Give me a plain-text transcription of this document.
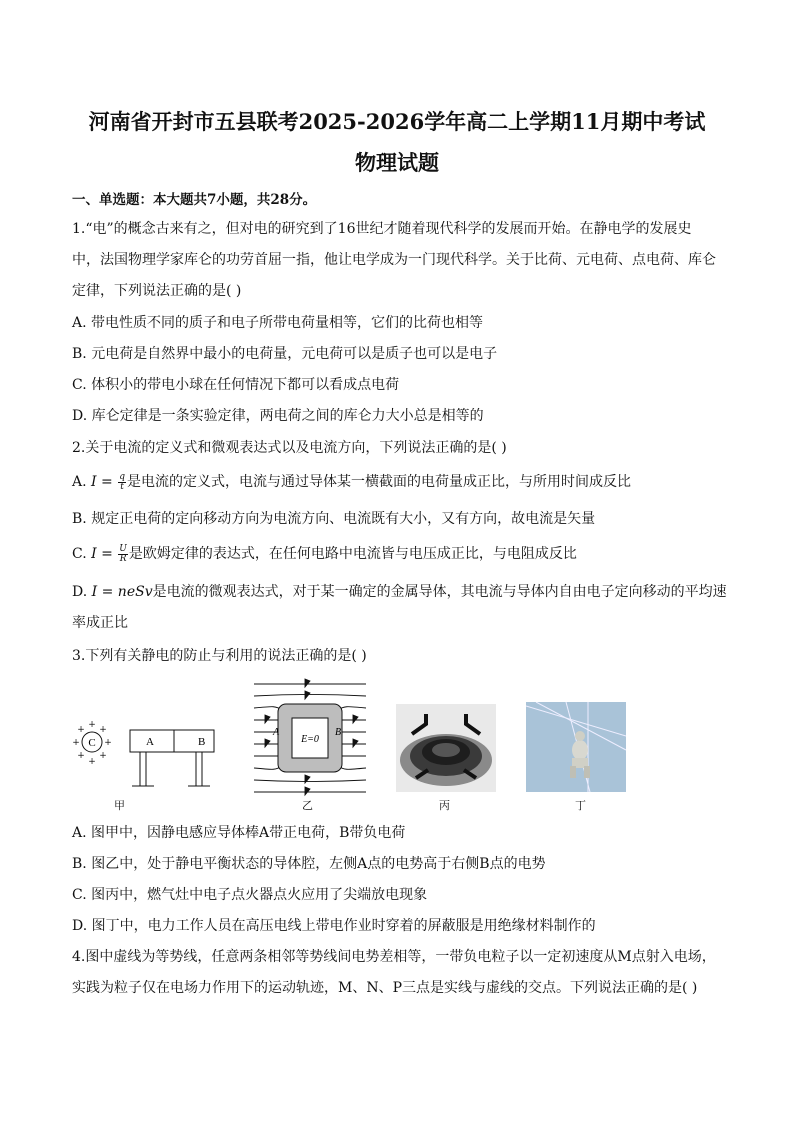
河南省开封市五县联考2025-2026学年高二上学期11月期中考试
物理试题
一、单选题：本大题共7小题，共28分。
1.“电”的概念古来有之，但对电的研究到了16世纪才随着现代科学的发展而开始。在静电学的发展史
中，法国物理学家库仑的功劳首屈一指，他让电学成为一门现代科学。关于比荷、元电荷、点电荷、库仑
定律，下列说法正确的是( )
A. 带电性质不同的质子和电子所带电荷量相等，它们的比荷也相等
B. 元电荷是自然界中最小的电荷量，元电荷可以是质子也可以是电子
C. 体积小的带电小球在任何情况下都可以看成点电荷
D. 库仑定律是一条实验定律，两电荷之间的库仑力大小总是相等的
2.关于电流的定义式和微观表达式以及电流方向，下列说法正确的是( )
A. $I = \frac{q}{t}$ 是电流的定义式，电流与通过导体某一横截面的电荷量成正比，与所用时间成反比
B. 规定正电荷的定向移动方向为电流方向、电流既有大小，又有方向，故电流是矢量
C. $I = \frac{U}{R}$ 是欧姆定律的表达式，在任何电路中电流皆与电压成正比，与电阻成反比
D. I = neSv是电流的微观表达式，对于某一确定的金属导体，其电流与导体内自由电子定向移动的平均速
率成正比
3.下列有关静电的防止与利用的说法正确的是( )
C
+
+
+	+
+ +
+ +
A	B
甲
E=0
A	B
乙	丙	丁
A. 图甲中，因静电感应导体棒A带正电荷，B带负电荷
B. 图乙中，处于静电平衡状态的导体腔，左侧A点的电势高于右侧B点的电势
C. 图丙中，燃气灶中电子点火器点火应用了尖端放电现象
D. 图丁中，电力工作人员在高压电线上带电作业时穿着的屏蔽服是用绝缘材料制作的
4.图中虚线为等势线，任意两条相邻等势线间电势差相等，一带负电粒子以一定初速度从M点射入电场，
实践为粒子仅在电场力作用下的运动轨迹，M、N、P三点是实线与虚线的交点。下列说法正确的是( )
